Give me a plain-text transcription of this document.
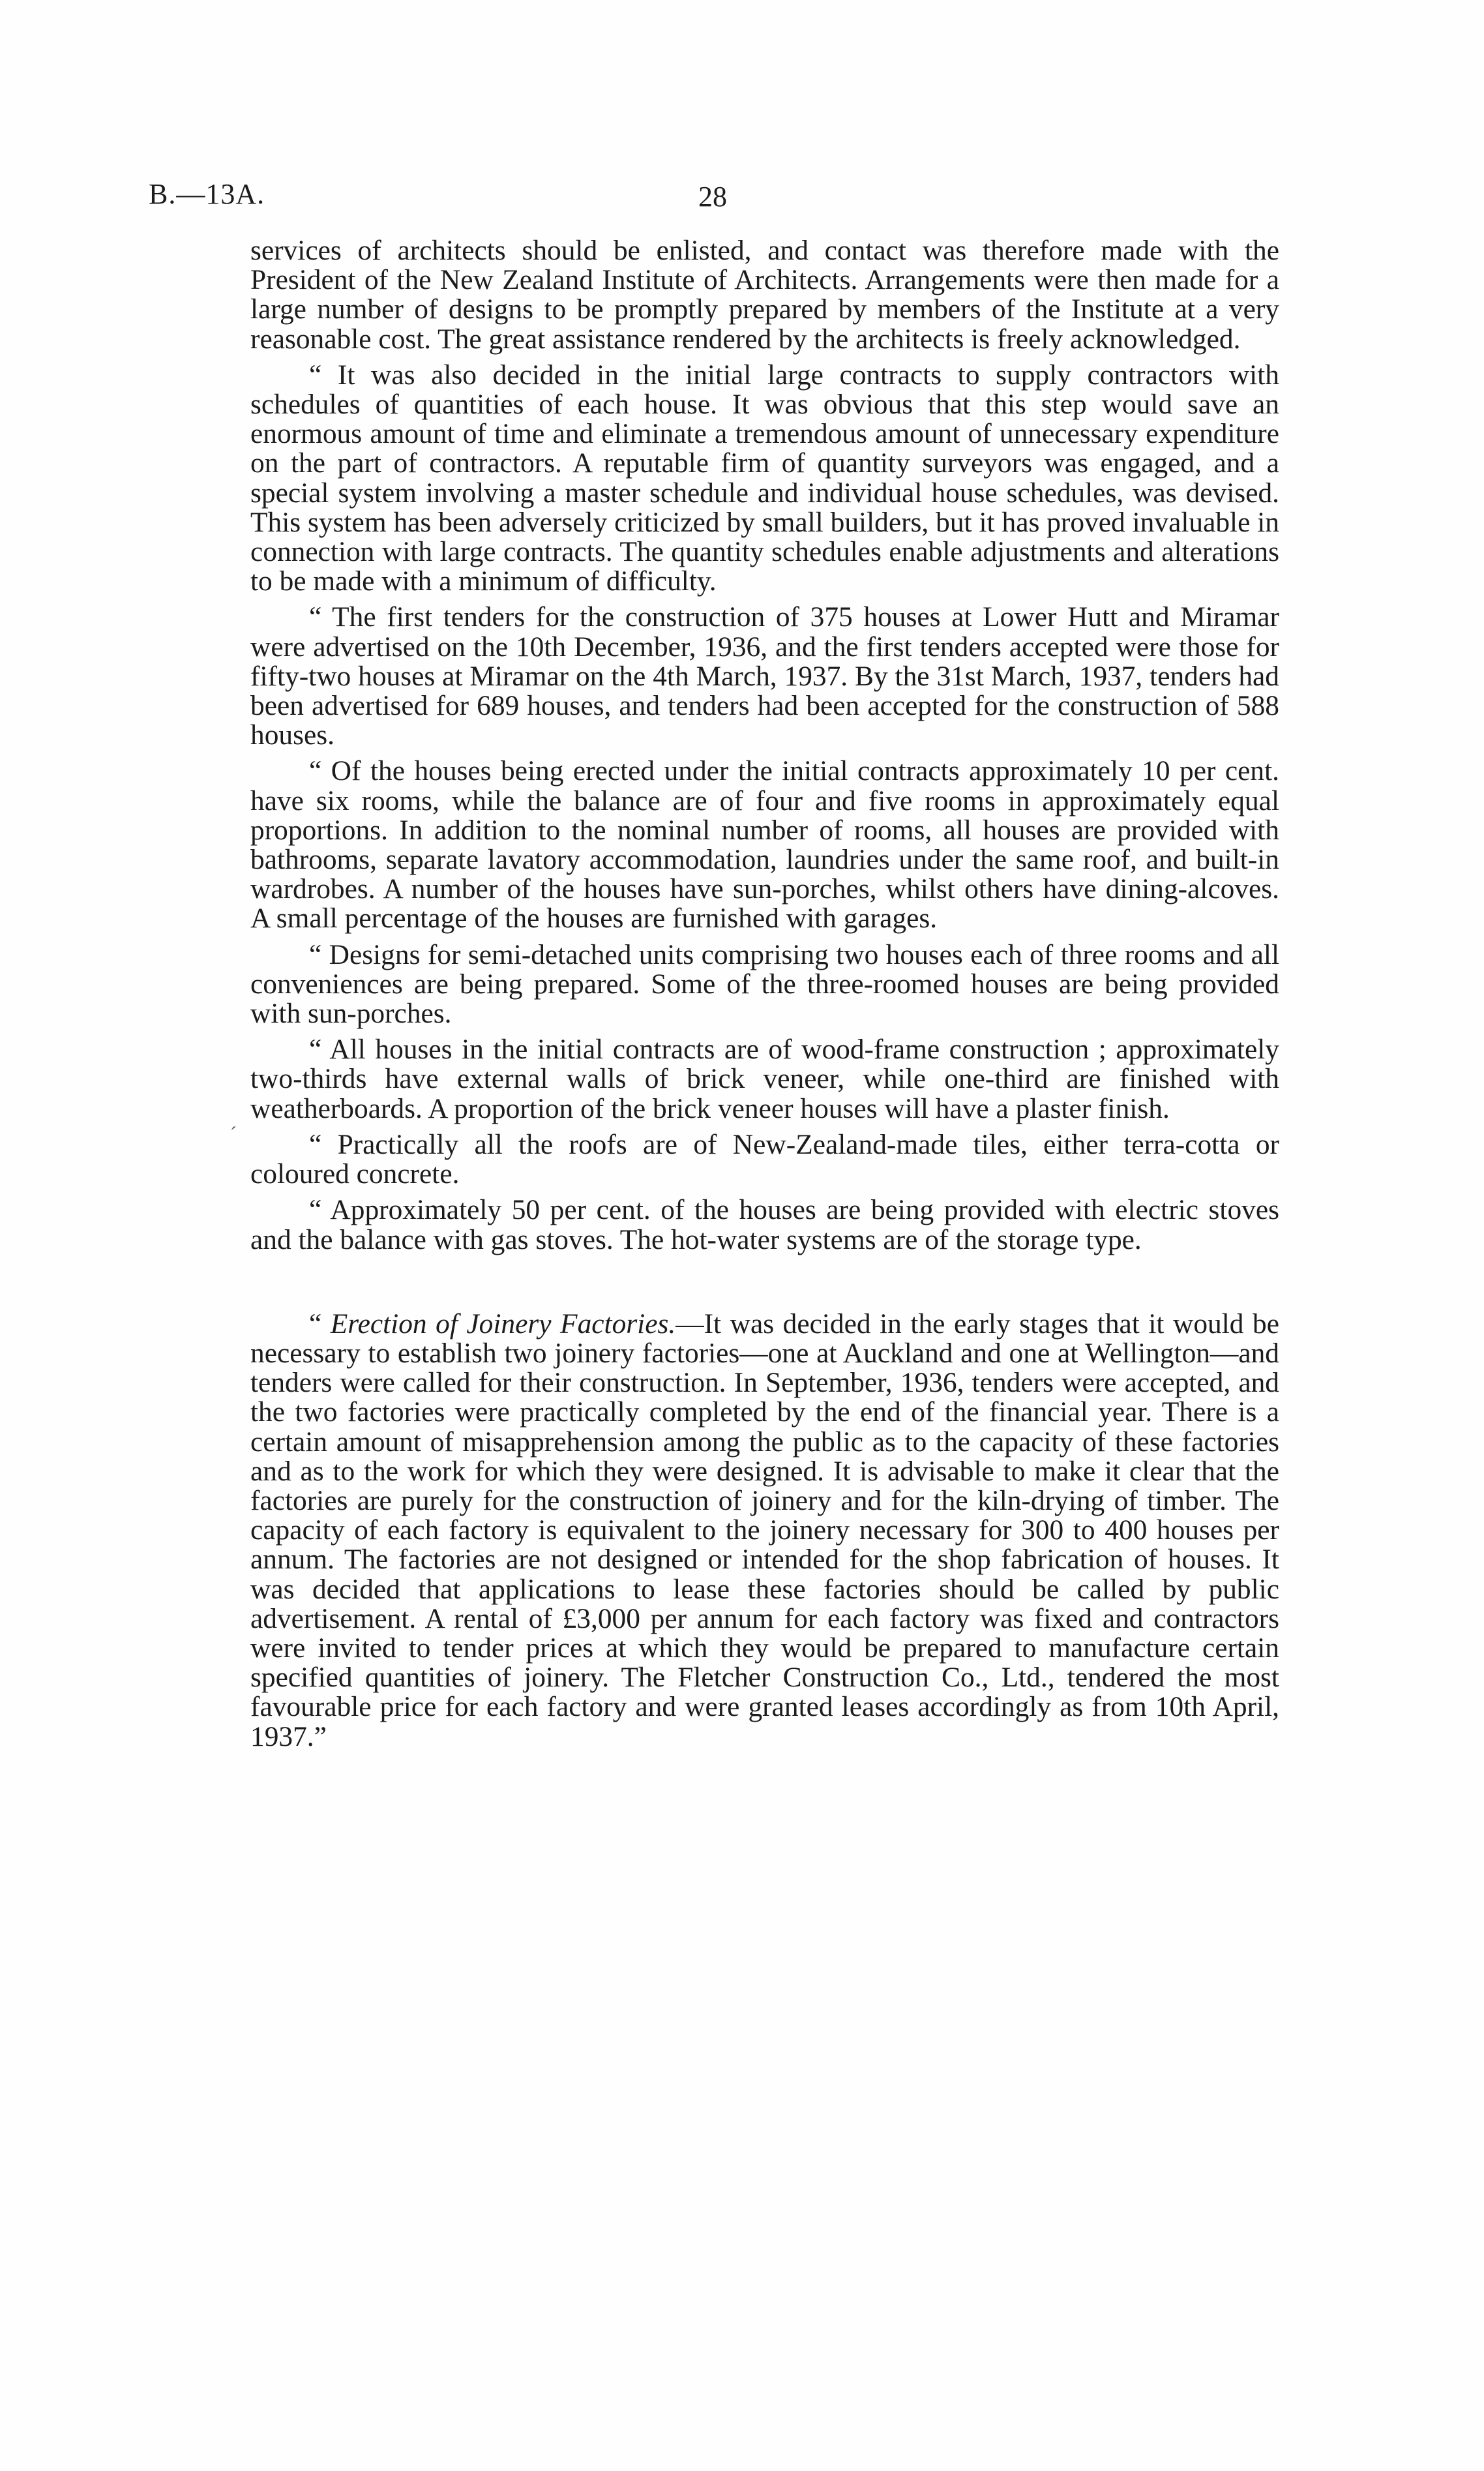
B.—13A.	28

´

services of architects should be enlisted, and contact was therefore made with the President of the New Zealand Institute of Architects. Arrangements were then made for a large number of designs to be promptly prepared by members of the Institute at a very reasonable cost. The great assistance rendered by the architects is freely acknowledged.

“ It was also decided in the initial large contracts to supply contractors with schedules of quantities of each house. It was obvious that this step would save an enormous amount of time and eliminate a tremendous amount of unnecessary expenditure on the part of contractors. A reputable firm of quantity surveyors was engaged, and a special system involving a master schedule and individual house schedules, was devised. This system has been adversely criticized by small builders, but it has proved invaluable in connection with large contracts. The quantity schedules enable adjustments and alterations to be made with a minimum of difficulty.

“ The first tenders for the construction of 375 houses at Lower Hutt and Miramar were advertised on the 10th December, 1936, and the first tenders accepted were those for fifty-two houses at Miramar on the 4th March, 1937. By the 31st March, 1937, tenders had been advertised for 689 houses, and tenders had been accepted for the construction of 588 houses.

“ Of the houses being erected under the initial contracts approximately 10 per cent. have six rooms, while the balance are of four and five rooms in approximately equal proportions. In addition to the nominal number of rooms, all houses are provided with bathrooms, separate lavatory accommodation, laundries under the same roof, and built-in wardrobes. A number of the houses have sun-porches, whilst others have dining-alcoves. A small percentage of the houses are furnished with garages.

“ Designs for semi-detached units comprising two houses each of three rooms and all conveniences are being prepared. Some of the three-roomed houses are being provided with sun-porches.

“ All houses in the initial contracts are of wood-frame construction ; approximately two-thirds have external walls of brick veneer, while one-third are finished with weatherboards. A proportion of the brick veneer houses will have a plaster finish.

“ Practically all the roofs are of New-Zealand-made tiles, either terra-cotta or coloured concrete.

“ Approximately 50 per cent. of the houses are being provided with electric stoves and the balance with gas stoves. The hot-water systems are of the storage type.

“ Erection of Joinery Factories.—It was decided in the early stages that it would be necessary to establish two joinery factories—one at Auckland and one at Wellington—and tenders were called for their construction. In September, 1936, tenders were accepted, and the two factories were practically completed by the end of the financial year. There is a certain amount of misapprehension among the public as to the capacity of these factories and as to the work for which they were designed. It is advisable to make it clear that the factories are purely for the construction of joinery and for the kiln-drying of timber. The capacity of each factory is equivalent to the joinery necessary for 300 to 400 houses per annum. The factories are not designed or intended for the shop fabrication of houses. It was decided that applications to lease these factories should be called by public advertisement. A rental of £3,000 per annum for each factory was fixed and contractors were invited to tender prices at which they would be prepared to manufacture certain specified quantities of joinery. The Fletcher Construction Co., Ltd., tendered the most favourable price for each factory and were granted leases accordingly as from 10th April, 1937.”
